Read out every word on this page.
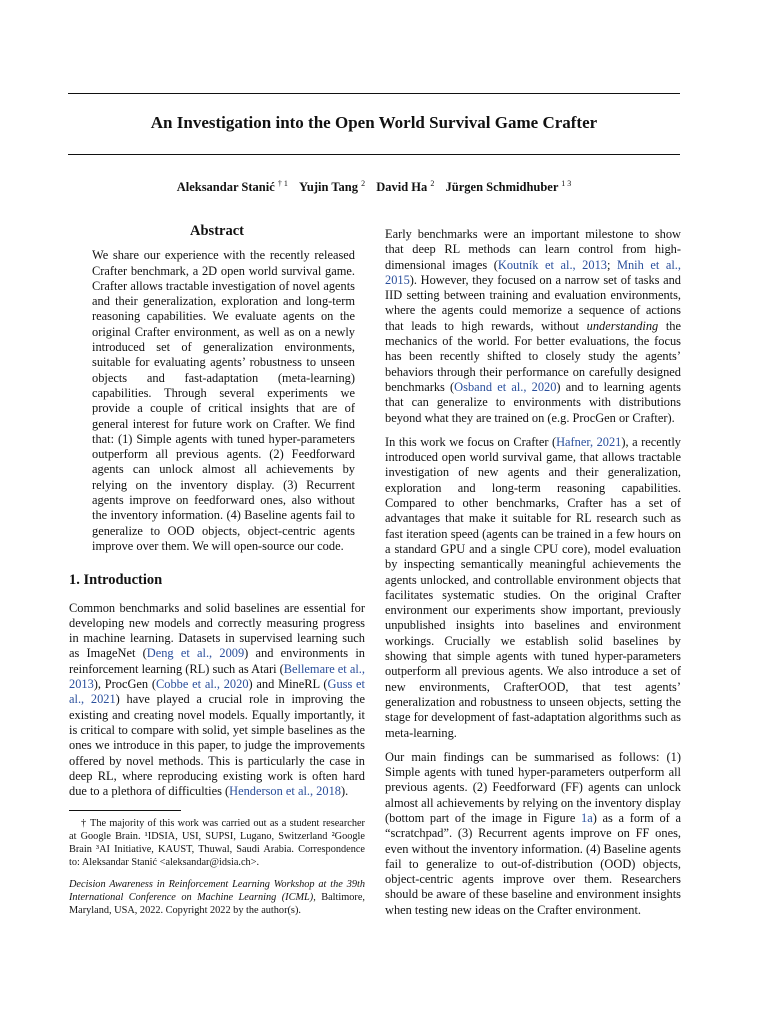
An Investigation into the Open World Survival Game Crafter
Aleksandar Stanić $^{\dagger 1}$ Yujin Tang $^2$ David Ha $^2$ Jürgen Schmidhuber $^{1 3}$
Abstract

We share our experience with the recently released Crafter benchmark, a 2D open world survival game. Crafter allows tractable investigation of novel agents and their generalization, exploration and long-term reasoning capabilities. We evaluate agents on the original Crafter environment, as well as on a newly introduced set of generalization environments, suitable for evaluating agents’ robustness to unseen objects and fast-adaptation (meta-learning) capabilities. Through several experiments we provide a couple of critical insights that are of general interest for future work on Crafter. We find that: (1) Simple agents with tuned hyper-parameters outperform all previous agents. (2) Feedforward agents can unlock almost all achievements by relying on the inventory display. (3) Recurrent agents improve on feedforward ones, also without the inventory information. (4) Baseline agents fail to generalize to OOD objects, object-centric agents improve over them. We will open-source our code.

1. Introduction

Common benchmarks and solid baselines are essential for developing new models and correctly measuring progress in machine learning. Datasets in supervised learning such as ImageNet (Deng et al., 2009) and environments in reinforcement learning (RL) such as Atari (Bellemare et al., 2013), ProcGen (Cobbe et al., 2020) and MineRL (Guss et al., 2021) have played a crucial role in improving the existing and creating novel models. Equally importantly, it is critical to compare with solid, yet simple baselines as the ones we introduce in this paper, to judge the improvements offered by novel methods. This is particularly the case in deep RL, where reproducing existing work is often hard due to a plethora of difficulties (Henderson et al., 2018).

† The majority of this work was carried out as a student researcher at Google Brain. ¹IDSIA, USI, SUPSI, Lugano, Switzerland ²Google Brain ³AI Initiative, KAUST, Thuwal, Saudi Arabia. Correspondence to: Aleksandar Stanić <aleksandar@idsia.ch>.

Decision Awareness in Reinforcement Learning Workshop at the 39th International Conference on Machine Learning (ICML), Baltimore, Maryland, USA, 2022. Copyright 2022 by the author(s).

Early benchmarks were an important milestone to show that deep RL methods can learn control from high-dimensional images (Koutník et al., 2013; Mnih et al., 2015). However, they focused on a narrow set of tasks and IID setting between training and evaluation environments, where the agents could memorize a sequence of actions that leads to high rewards, without understanding the mechanics of the world. For better evaluations, the focus has been recently shifted to closely study the agents’ behaviors through their performance on carefully designed benchmarks (Osband et al., 2020) and to learning agents that can generalize to environments with distributions beyond what they are trained on (e.g. ProcGen or Crafter).

In this work we focus on Crafter (Hafner, 2021), a recently introduced open world survival game, that allows tractable investigation of new agents and their generalization, exploration and long-term reasoning capabilities. Compared to other benchmarks, Crafter has a set of advantages that make it suitable for RL research such as fast iteration speed (agents can be trained in a few hours on a standard GPU and a single CPU core), model evaluation by inspecting semantically meaningful achievements the agents unlocked, and controllable environment objects that facilitates systematic studies. On the original Crafter environment our experiments show important, previously unpublished insights into baselines and environment workings. Crucially we establish solid baselines by showing that simple agents with tuned hyper-parameters outperform all previous agents. We also introduce a set of new environments, CrafterOOD, that test agents’ generalization and robustness to unseen objects, setting the stage for development of fast-adaptation algorithms such as meta-learning.

Our main findings can be summarised as follows: (1) Simple agents with tuned hyper-parameters outperform all previous agents. (2) Feedforward (FF) agents can unlock almost all achievements by relying on the inventory display (bottom part of the image in Figure 1a) as a form of a “scratchpad”. (3) Recurrent agents improve on FF ones, even without the inventory information. (4) Baseline agents fail to generalize to out-of-distribution (OOD) objects, object-centric agents improve over them. Researchers should be aware of these baseline and environment insights when testing new ideas on the Crafter environment.
